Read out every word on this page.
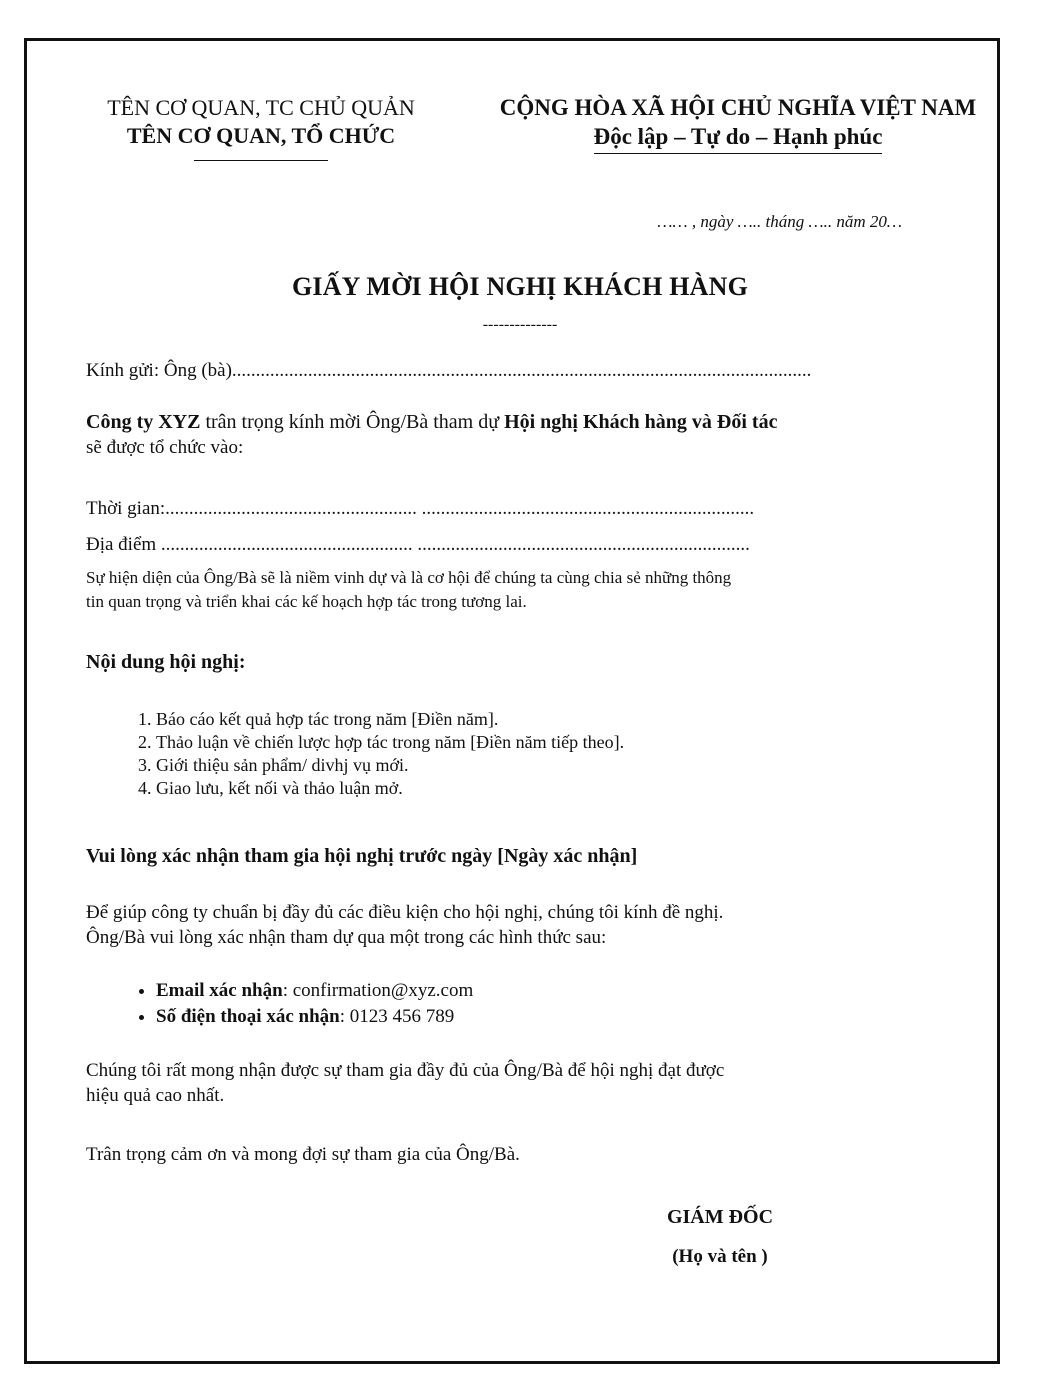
TÊN CƠ QUAN, TC CHỦ QUẢN
TÊN CƠ QUAN, TỔ CHỨC
CỘNG HÒA XÃ HỘI CHỦ NGHĨA VIỆT NAM
Độc lập – Tự do – Hạnh phúc
…… , ngày ….. tháng ….. năm 20…
GIẤY MỜI HỘI NGHỊ KHÁCH HÀNG
--------------
Kính gửi: Ông (bà)..........................................................................................................................
Công ty XYZ trân trọng kính mời Ông/Bà tham dự Hội nghị Khách hàng và Đối tác
sẽ được tổ chức vào:
Thời gian:..................................................... ......................................................................
Địa điểm ..................................................... ......................................................................
Sự hiện diện của Ông/Bà sẽ là niềm vinh dự và là cơ hội để chúng ta cùng chia sẻ những thông
tin quan trọng và triển khai các kế hoạch hợp tác trong tương lai.
Nội dung hội nghị:
1. Báo cáo kết quả hợp tác trong năm [Điền năm].
2. Thảo luận về chiến lược hợp tác trong năm [Điền năm tiếp theo].
3. Giới thiệu sản phẩm/ divhj vụ mới.
4. Giao lưu, kết nối và thảo luận mở.
Vui lòng xác nhận tham gia hội nghị trước ngày [Ngày xác nhận]
Để giúp công ty chuẩn bị đầy đủ các điều kiện cho hội nghị, chúng tôi kính đề nghị.
Ông/Bà vui lòng xác nhận tham dự qua một trong các hình thức sau:
• Email xác nhận: confirmation@xyz.com
• Số điện thoại xác nhận: 0123 456 789
Chúng tôi rất mong nhận được sự tham gia đầy đủ của Ông/Bà để hội nghị đạt được
hiệu quả cao nhất.
Trân trọng cảm ơn và mong đợi sự tham gia của Ông/Bà.
GIÁM ĐỐC
(Họ và tên )
